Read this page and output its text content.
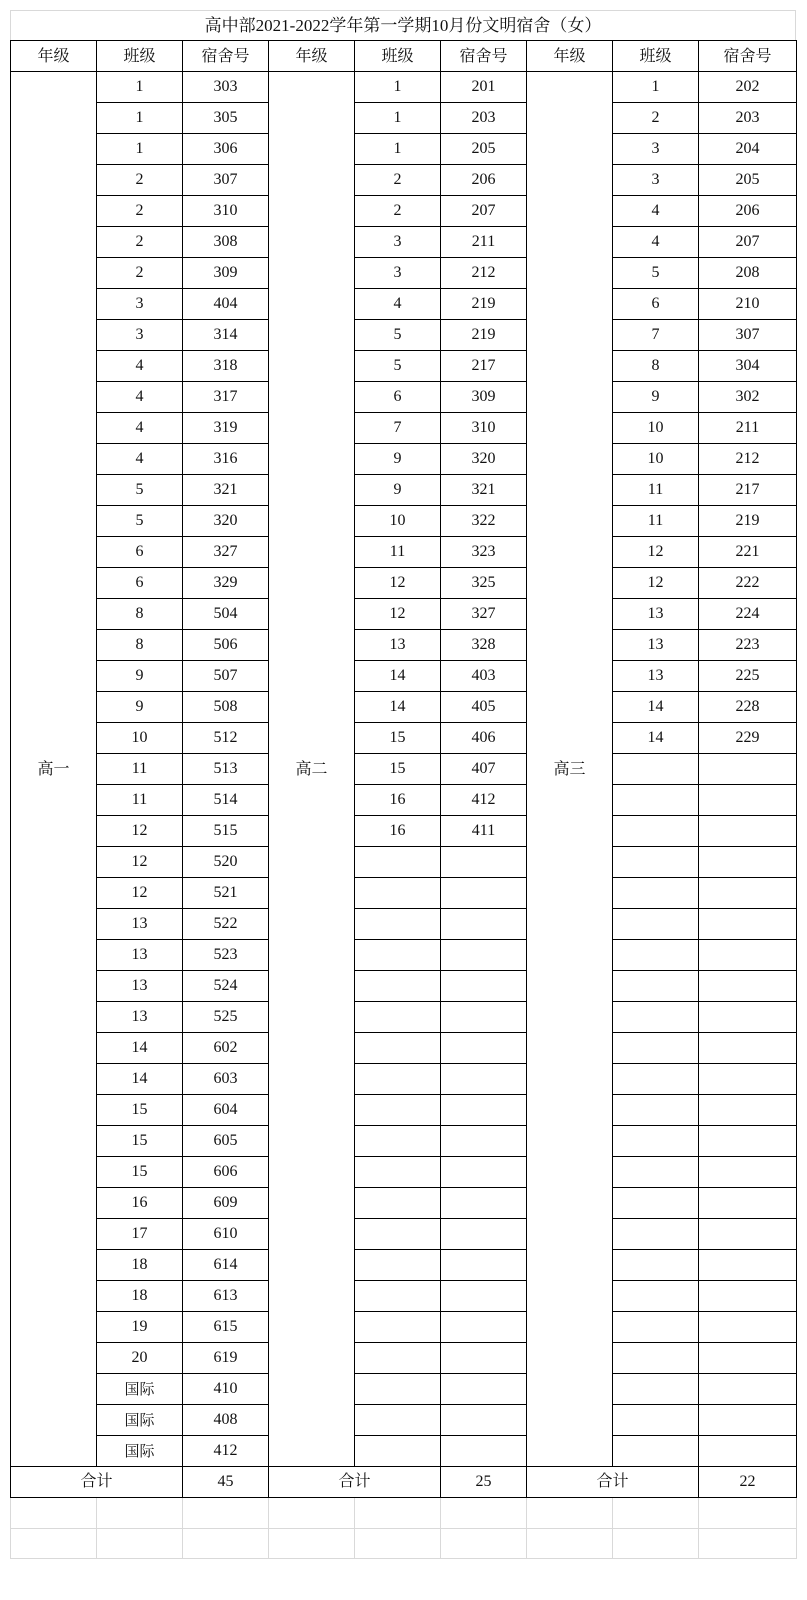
高中部2021-2022学年第一学期10月份文明宿舍（女）
年级	班级	宿舍号	年级	班级	宿舍号	年级	班级	宿舍号
高一	1	303	高二	1	201	高三	1	202
	1	305		1	203		2	203
	1	306		1	205		3	204
	2	307		2	206		3	205
	2	310		2	207		4	206
	2	308		3	211		4	207
	2	309		3	212		5	208
	3	404		4	219		6	210
	3	314		5	219		7	307
	4	318		5	217		8	304
	4	317		6	309		9	302
	4	319		7	310		10	211
	4	316		9	320		10	212
	5	321		9	321		11	217
	5	320		10	322		11	219
	6	327		11	323		12	221
	6	329		12	325		12	222
	8	504		12	327		13	224
	8	506		13	328		13	223
	9	507		14	403		13	225
	9	508		14	405		14	228
	10	512		15	406		14	229
	11	513		15	407			
	11	514		16	412			
	12	515		16	411			
	12	520						
	12	521						
	13	522						
	13	523						
	13	524						
	13	525						
	14	602						
	14	603						
	15	604						
	15	605						
	15	606						
	16	609						
	17	610						
	18	614						
	18	613						
	19	615						
	20	619						
	国际	410						
	国际	408						
	国际	412						
合计		45	合计		25	合计		22
